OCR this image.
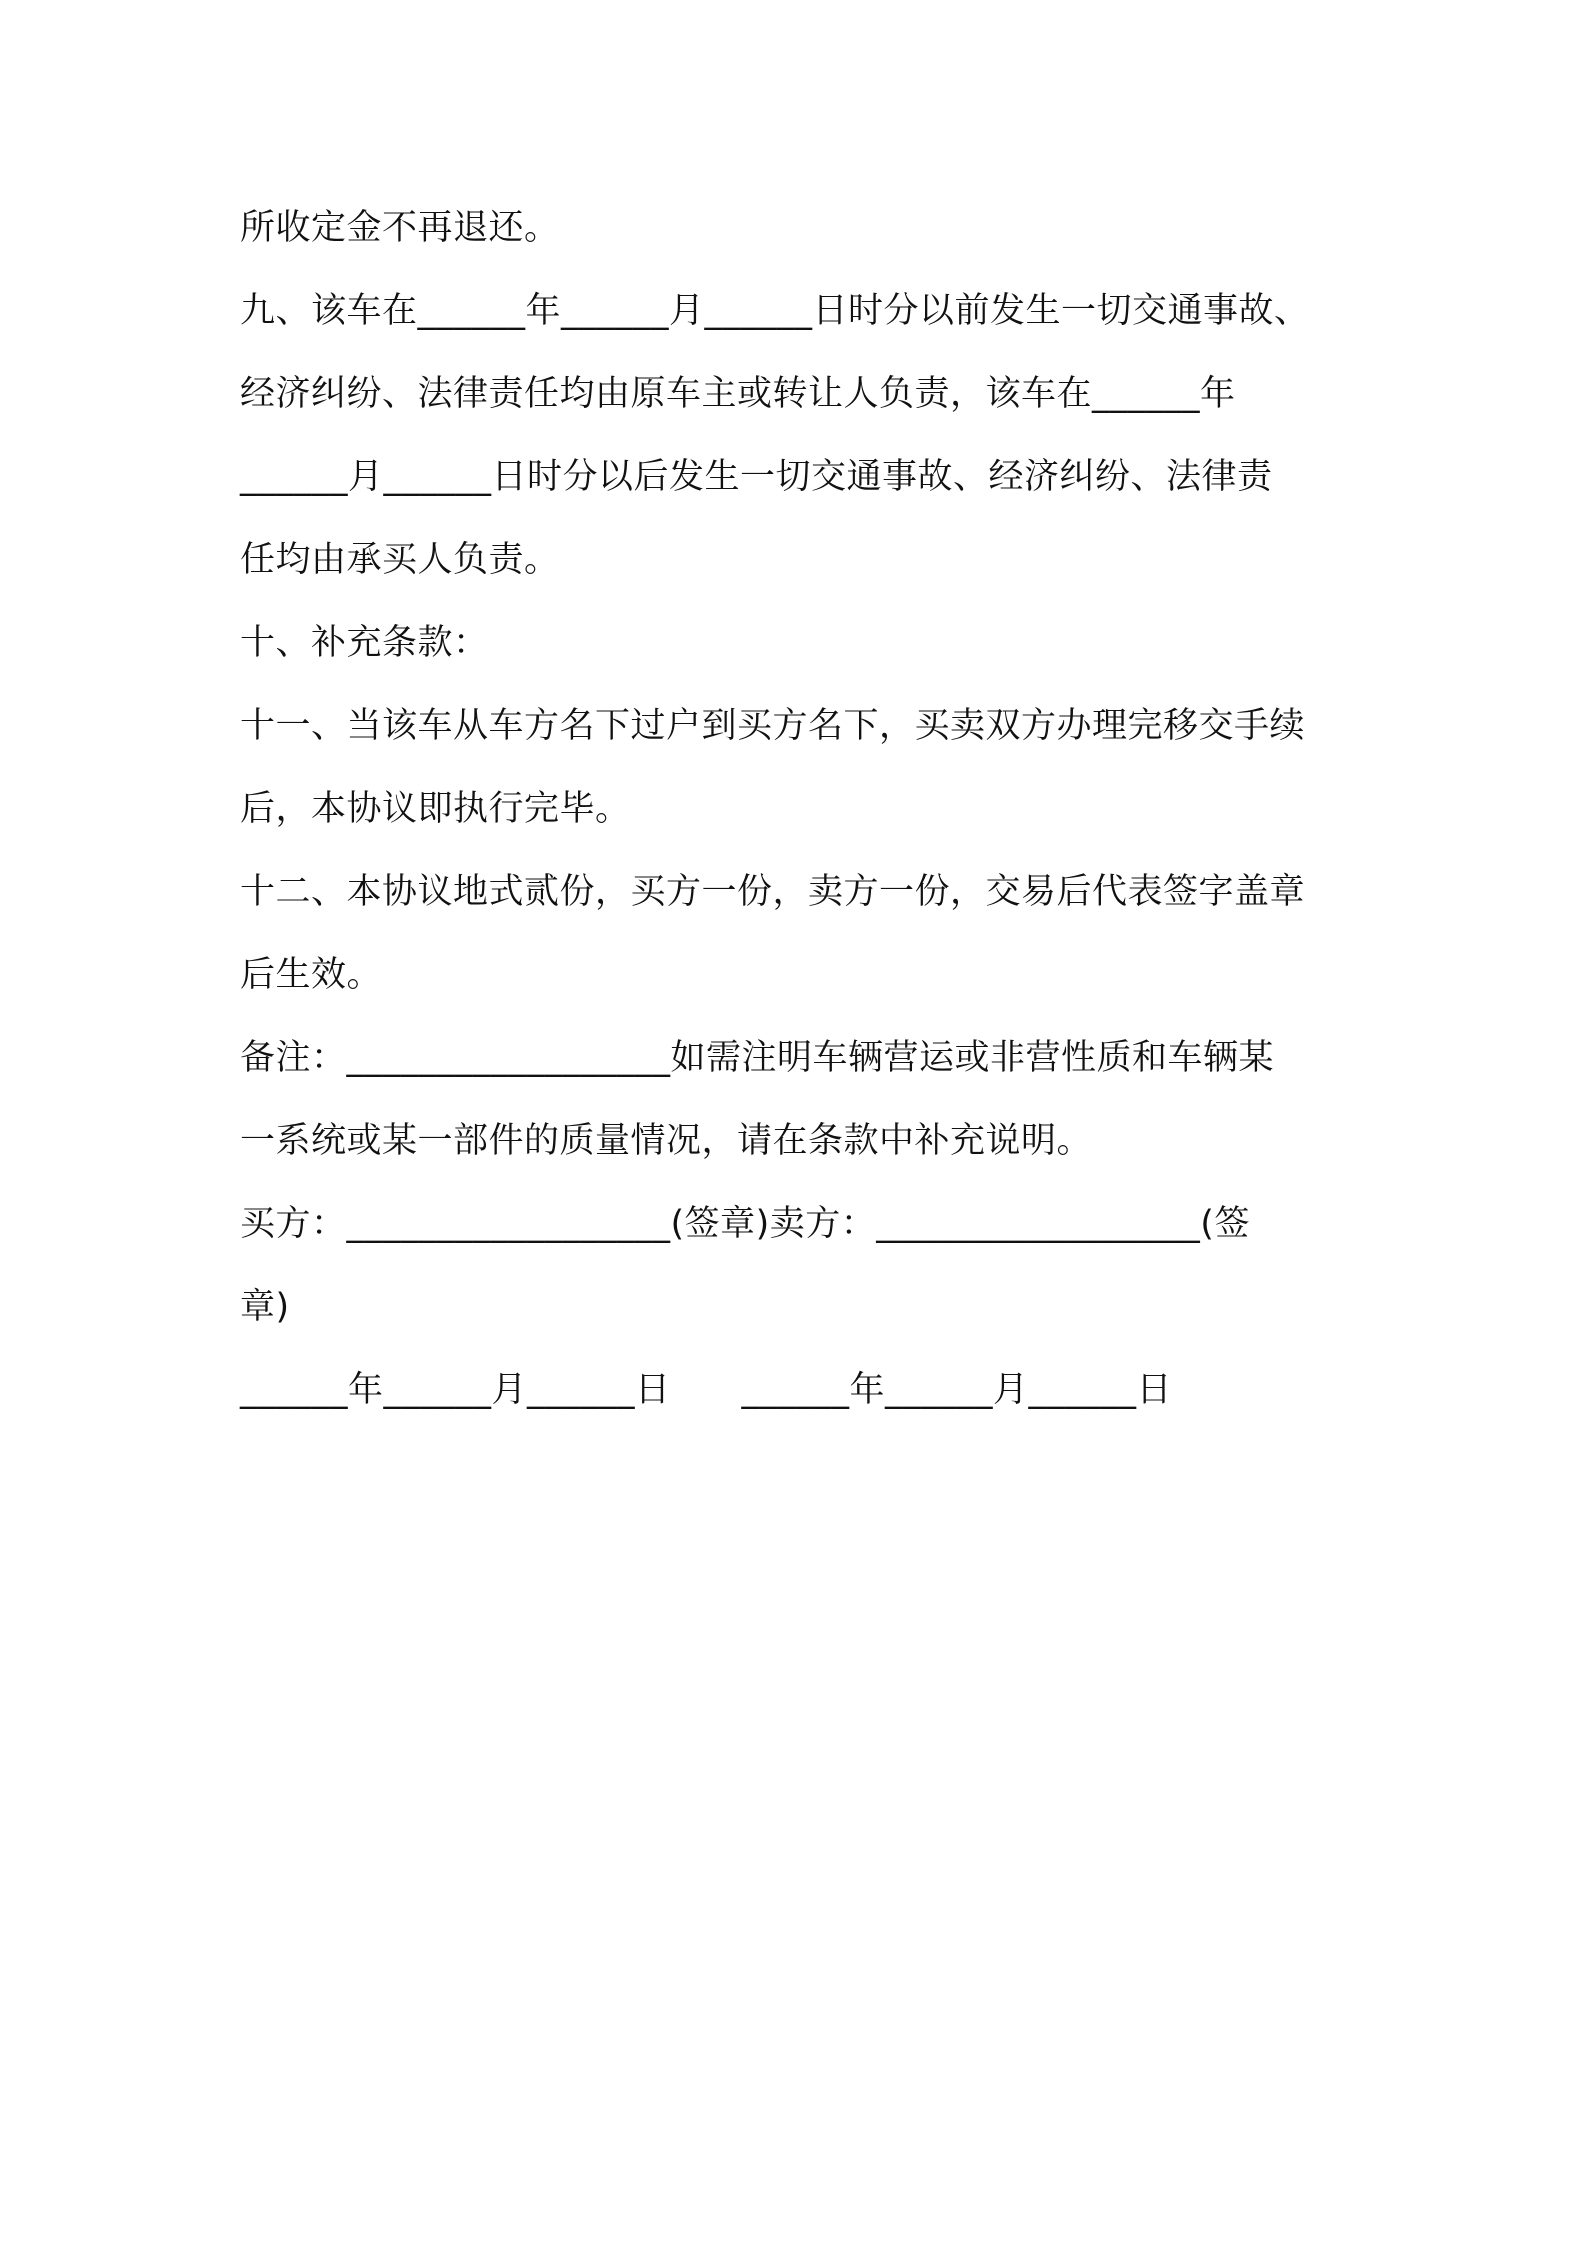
所收定金不再退还。
九、该车在______年______月______日时分以前发生一切交通事故、
经济纠纷、法律责任均由原车主或转让人负责，该车在______年
______月______日时分以后发生一切交通事故、经济纠纷、法律责
任均由承买人负责。
十、补充条款：
十一、当该车从车方名下过户到买方名下，买卖双方办理完移交手续
后，本协议即执行完毕。
十二、本协议地式贰份，买方一份，卖方一份，交易后代表签字盖章
后生效。
备注：__________________如需注明车辆营运或非营性质和车辆某
一系统或某一部件的质量情况，请在条款中补充说明。
买方：__________________(签章)卖方：__________________(签
章)
______年______月______日　　______年______月______日
